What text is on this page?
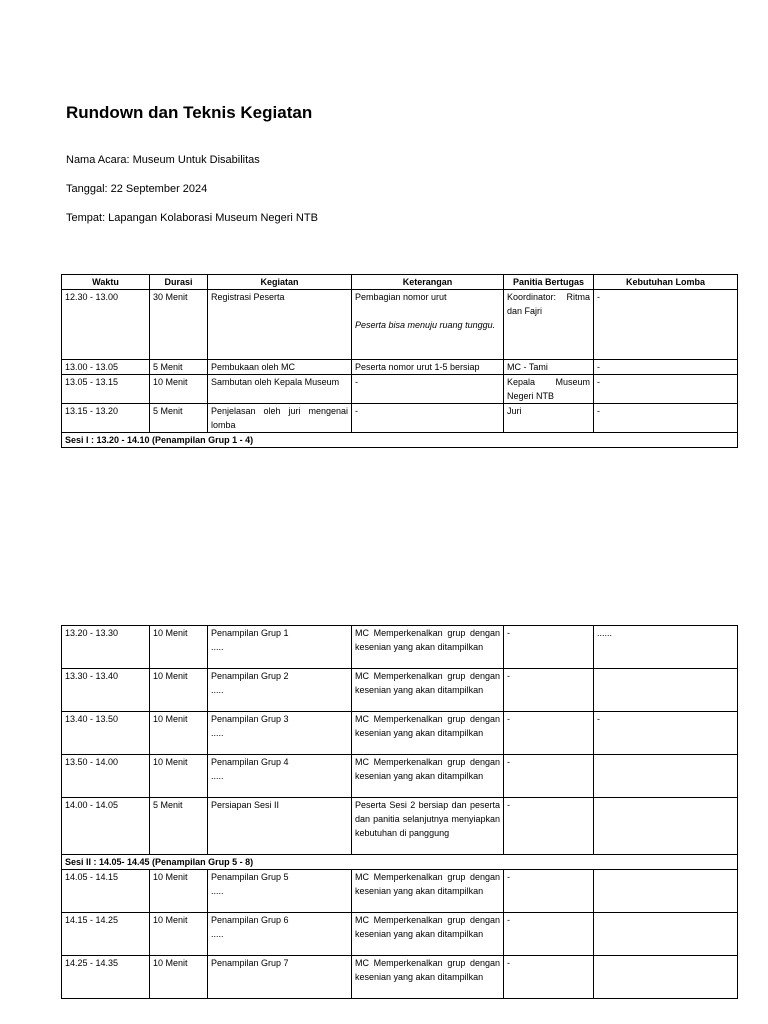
Rundown dan Teknis Kegiatan
Nama Acara: Museum Untuk Disabilitas
Tanggal: 22 September 2024
Tempat: Lapangan Kolaborasi Museum Negeri NTB
Waktu	Durasi	Kegiatan	Keterangan	Panitia Bertugas	Kebutuhan Lomba
12.30 - 13.00	30 Menit	Registrasi Peserta	Pembagian nomor urut
Peserta bisa menuju ruang tunggu.	Koordinator: Ritma dan Fajri	-
13.00 - 13.05	5 Menit	Pembukaan oleh MC	Peserta nomor urut 1-5 bersiap	MC - Tami	-
13.05 - 13.15	10 Menit	Sambutan oleh Kepala Museum	-	Kepala Museum Negeri NTB	-
13.15 - 13.20	5 Menit	Penjelasan oleh juri mengenai lomba	-	Juri	-
Sesi I : 13.20 - 14.10 (Penampilan Grup 1 - 4)					
13.20 - 13.30	10 Menit	Penampilan Grup 1
.....	MC Memperkenalkan grup dengan kesenian yang akan ditampilkan	-	......
13.30 - 13.40	10 Menit	Penampilan Grup 2
.....	MC Memperkenalkan grup dengan kesenian yang akan ditampilkan	-	
13.40 - 13.50	10 Menit	Penampilan Grup 3
.....	MC Memperkenalkan grup dengan kesenian yang akan ditampilkan	-	-
13.50 - 14.00	10 Menit	Penampilan Grup 4
.....	MC Memperkenalkan grup dengan kesenian yang akan ditampilkan	-	
14.00 - 14.05	5 Menit	Persiapan Sesi II	Peserta Sesi 2 bersiap dan peserta dan panitia selanjutnya menyiapkan kebutuhan di panggung	-	
Sesi II : 14.05- 14.45 (Penampilan Grup 5 - 8)					
14.05 - 14.15	10 Menit	Penampilan Grup 5
.....	MC Memperkenalkan grup dengan kesenian yang akan ditampilkan	-	
14.15 - 14.25	10 Menit	Penampilan Grup 6
.....	MC Memperkenalkan grup dengan kesenian yang akan ditampilkan	-	
14.25 - 14.35	10 Menit	Penampilan Grup 7	MC Memperkenalkan grup dengan kesenian yang akan ditampilkan	-	
